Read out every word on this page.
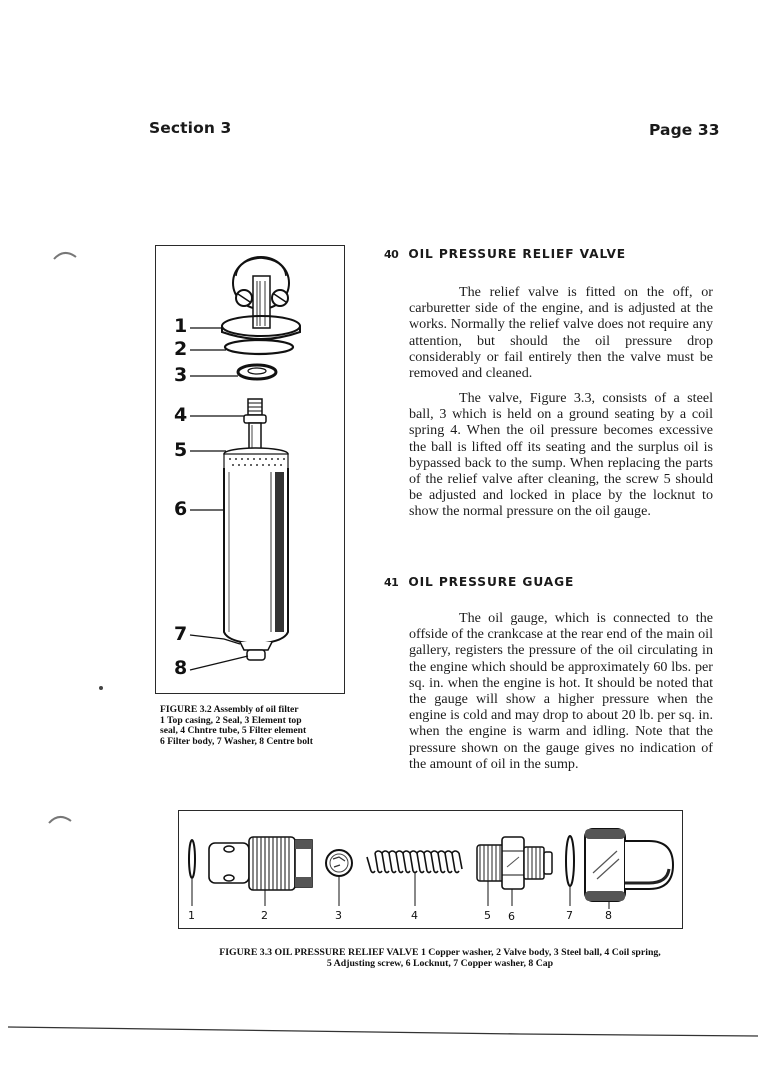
Section 3	Page 33
1
2
3
4
5
6
7
8
FIGURE 3.2 Assembly of oil filter
1 Top casing, 2 Seal, 3 Element top
seal, 4 Chntre tube, 5 Filter element
6 Filter body, 7 Washer, 8 Centre bolt
40 OIL PRESSURE RELIEF VALVE
The relief valve is fitted on the off, or carburetter side of the engine, and is adjusted at the works. Normally the relief valve does not require any attention, but should the oil pressure drop considerably or fail entirely then the valve must be removed and cleaned.
The valve, Figure 3.3, consists of a steel ball, 3 which is held on a ground seating by a coil spring 4. When the oil pressure becomes excessive the ball is lifted off its seating and the surplus oil is bypassed back to the sump. When replacing the parts of the relief valve after cleaning, the screw 5 should be adjusted and locked in place by the locknut to show the normal pressure on the oil gauge.
41 OIL PRESSURE GUAGE
The oil gauge, which is connected to the offside of the crankcase at the rear end of the main oil gallery, registers the pressure of the oil circulating in the engine which should be approximately 60 lbs. per sq. in. when the engine is hot. It should be noted that the gauge will show a higher pressure when the engine is cold and may drop to about 20 lb. per sq. in. when the engine is warm and idling. Note that the pressure shown on the gauge gives no indication of the amount of oil in the sump.
1	2	3	4	5 6	7	8
FIGURE 3.3 OIL PRESSURE RELIEF VALVE 1 Copper washer, 2 Valve body, 3 Steel ball, 4 Coil spring,
5 Adjusting screw, 6 Locknut, 7 Copper washer, 8 Cap
